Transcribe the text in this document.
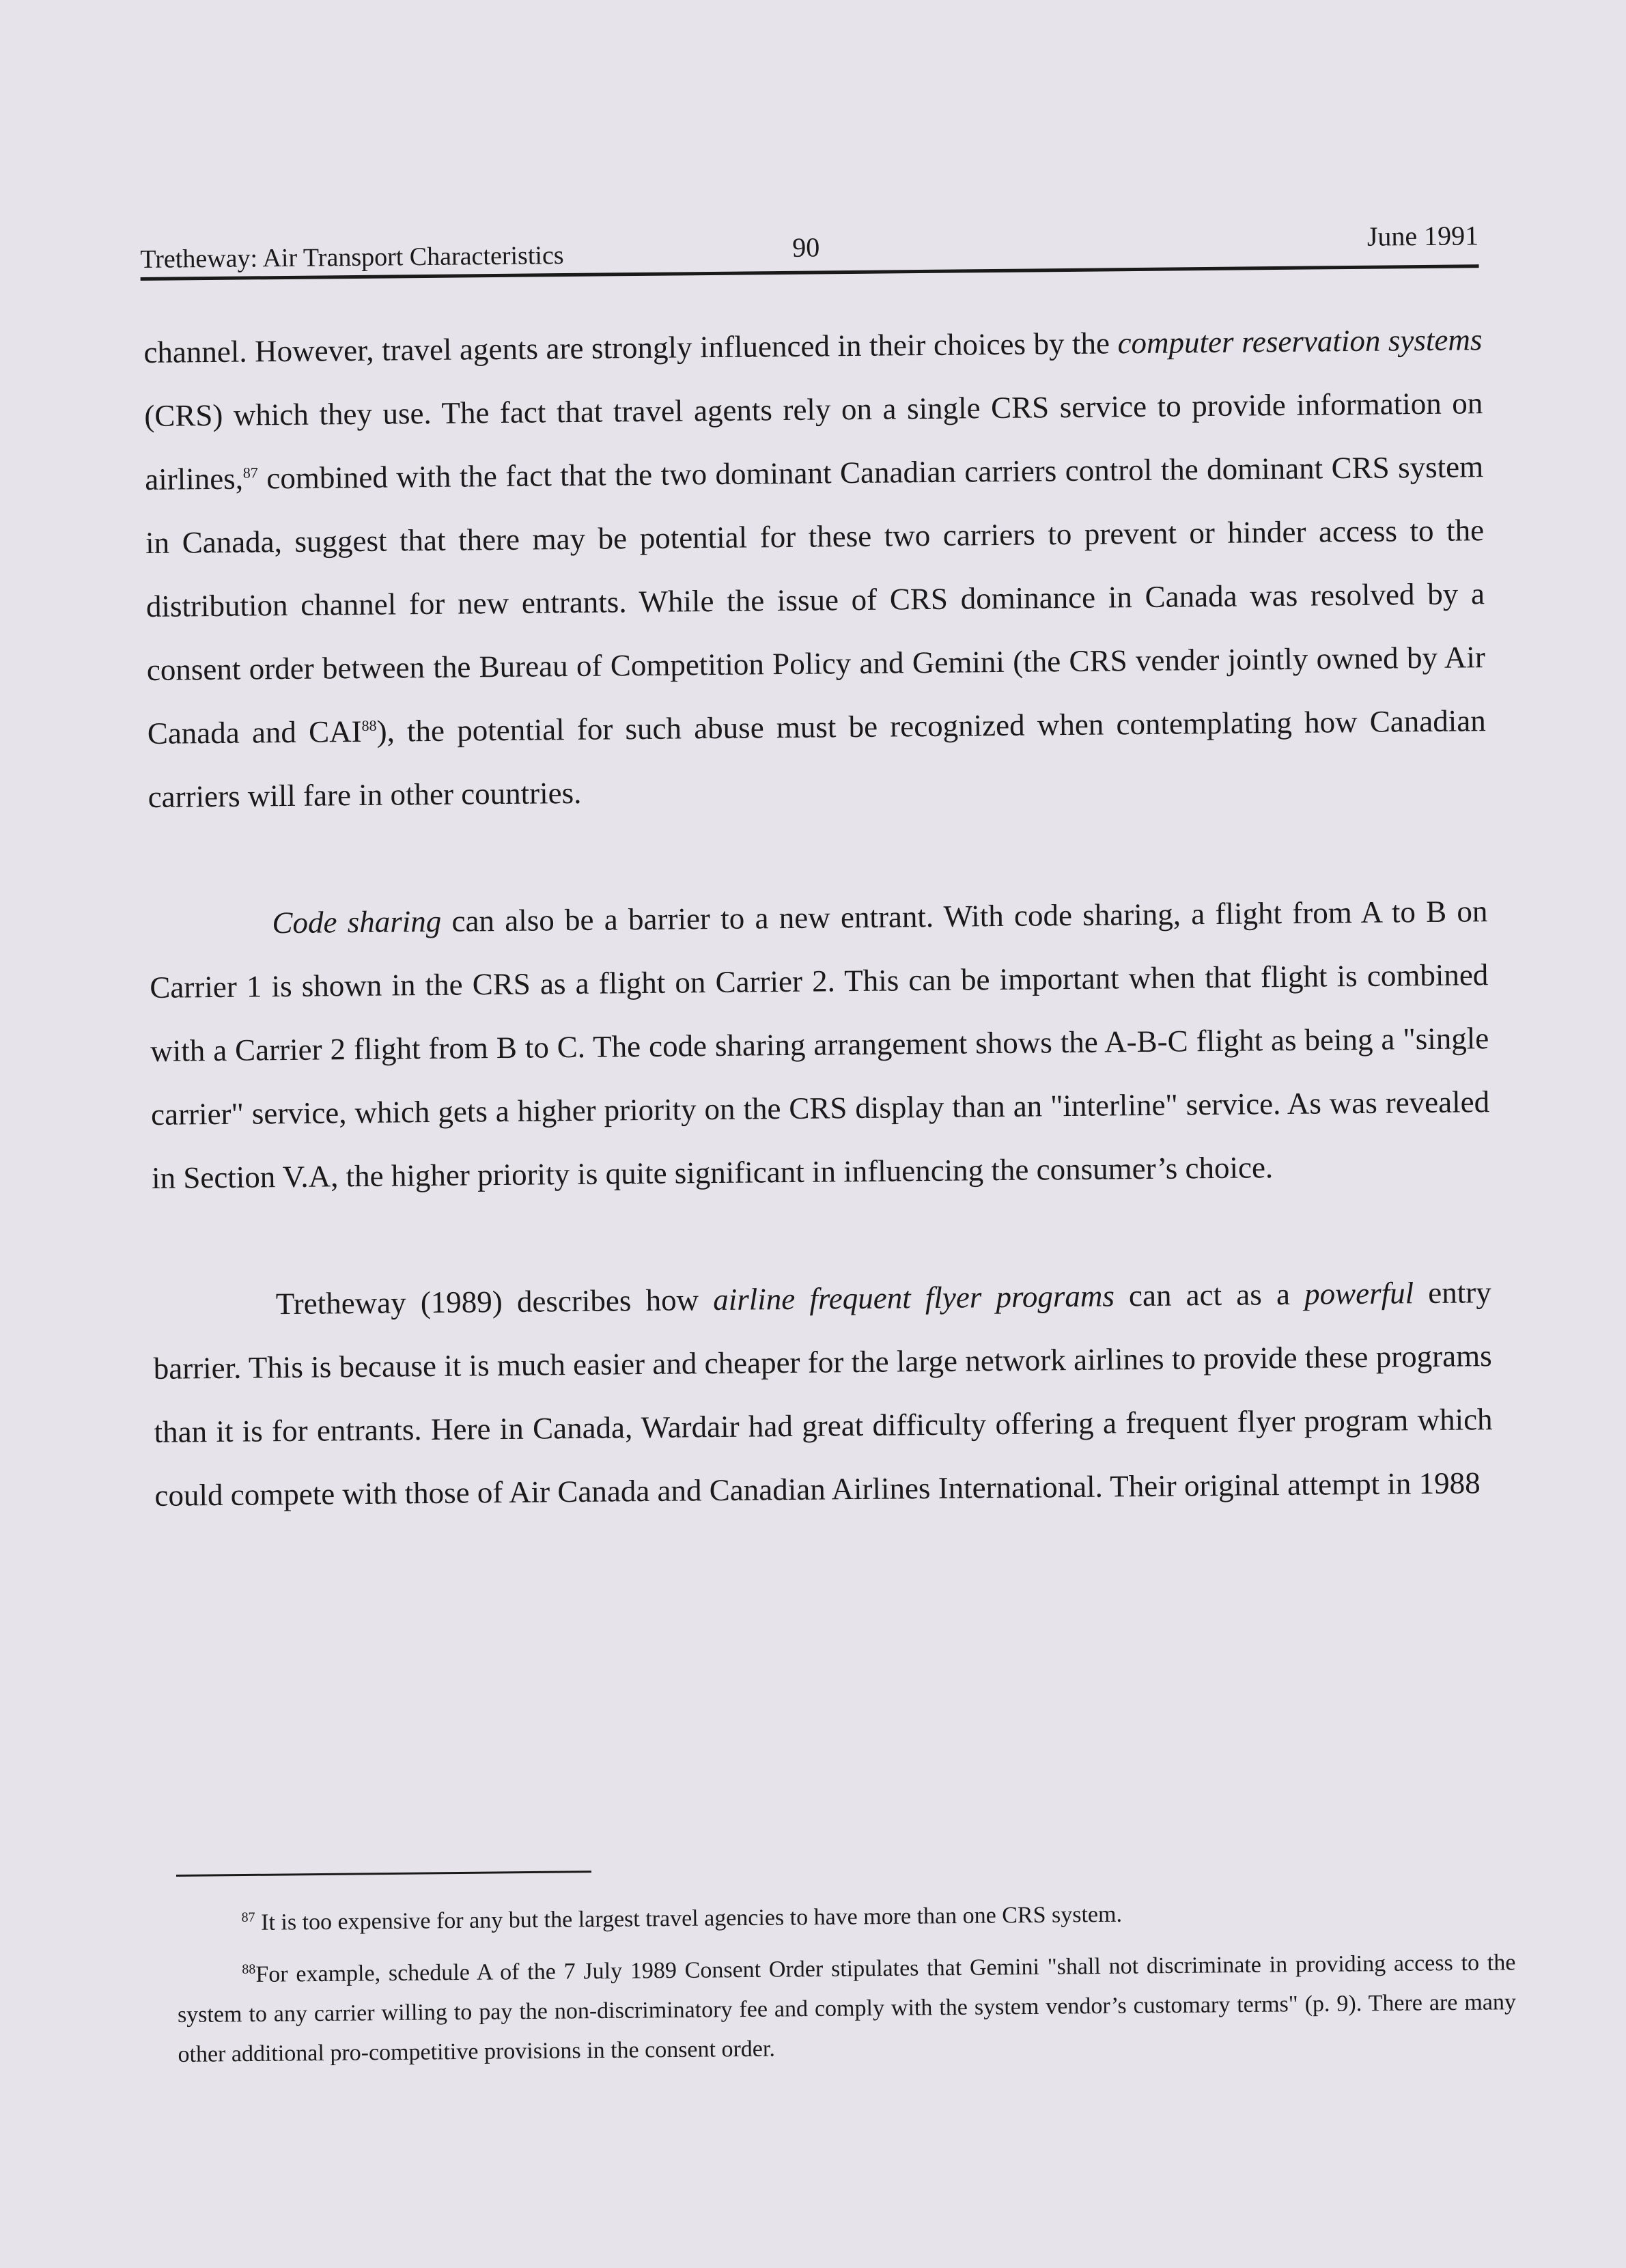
Tretheway: Air Transport Characteristics	90	June 1991

channel. However, travel agents are strongly influenced in their choices by the computer reservation systems (CRS) which they use. The fact that travel agents rely on a single CRS service to provide information on airlines,$^{87}$ combined with the fact that the two dominant Canadian carriers control the dominant CRS system in Canada, suggest that there may be potential for these two carriers to prevent or hinder access to the distribution channel for new entrants. While the issue of CRS dominance in Canada was resolved by a consent order between the Bureau of Competition Policy and Gemini (the CRS vender jointly owned by Air Canada and CAI$^{88}$), the potential for such abuse must be recognized when contemplating how Canadian carriers will fare in other countries.

Code sharing can also be a barrier to a new entrant. With code sharing, a flight from A to B on Carrier 1 is shown in the CRS as a flight on Carrier 2. This can be important when that flight is combined with a Carrier 2 flight from B to C. The code sharing arrangement shows the A-B-C flight as being a "single carrier" service, which gets a higher priority on the CRS display than an "interline" service. As was revealed in Section V.A, the higher priority is quite significant in influencing the consumer’s choice.

Tretheway (1989) describes how airline frequent flyer programs can act as a powerful entry barrier. This is because it is much easier and cheaper for the large network airlines to provide these programs than it is for entrants. Here in Canada, Wardair had great difficulty offering a frequent flyer program which could compete with those of Air Canada and Canadian Airlines International. Their original attempt in 1988

$^{87}$ It is too expensive for any but the largest travel agencies to have more than one CRS system.

$^{88}$For example, schedule A of the 7 July 1989 Consent Order stipulates that Gemini "shall not discriminate in providing access to the system to any carrier willing to pay the non-discriminatory fee and comply with the system vendor’s customary terms" (p. 9). There are many other additional pro-competitive provisions in the consent order.
